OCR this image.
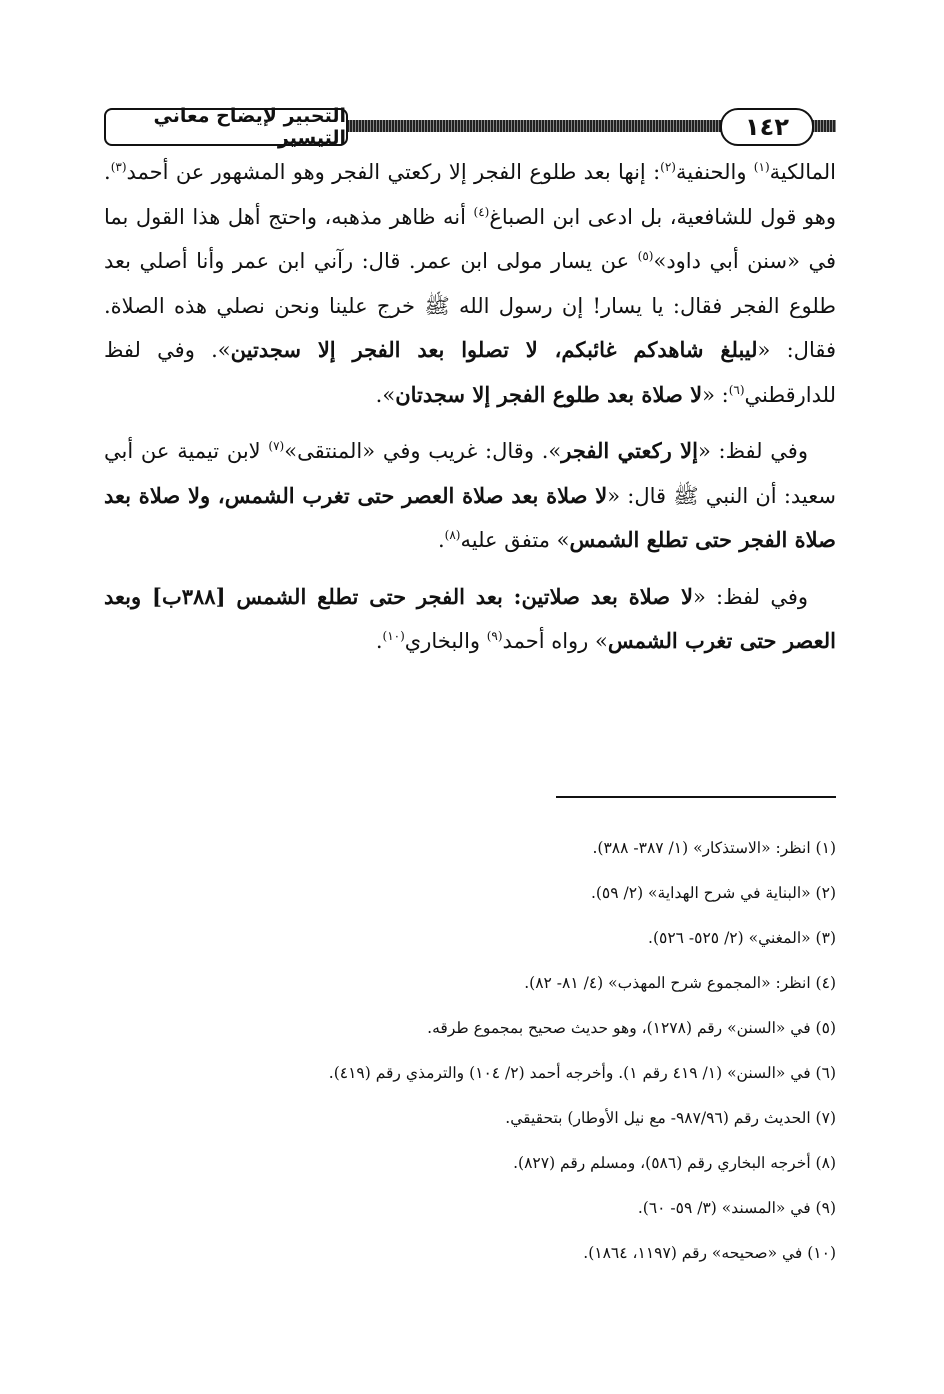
التحبير لإيضاح معاني التيسير	١٤٢

المالكية$^{(١)}$ والحنفية$^{(٢)}$: إنها بعد طلوع الفجر إلا ركعتي الفجر وهو المشهور عن أحمد$^{(٣)}$. وهو قول للشافعية، بل ادعى ابن الصباغ$^{(٤)}$ أنه ظاهر مذهبه، واحتج أهل هذا القول بما في «سنن أبي داود»$^{(٥)}$ عن يسار مولى ابن عمر. قال: رآني ابن عمر وأنا أصلي بعد طلوع الفجر فقال: يا يسار! إن رسول الله ﷺ خرج علينا ونحن نصلي هذه الصلاة. فقال: «ليبلغ شاهدكم غائبكم، لا تصلوا بعد الفجر إلا سجدتين». وفي لفظ للدارقطني$^{(٦)}$: «لا صلاة بعد طلوع الفجر إلا سجدتان».

وفي لفظ: «إلا ركعتي الفجر». وقال: غريب وفي «المنتقى»$^{(٧)}$ لابن تيمية عن أبي سعيد: أن النبي ﷺ قال: «لا صلاة بعد صلاة العصر حتى تغرب الشمس، ولا صلاة بعد صلاة الفجر حتى تطلع الشمس» متفق عليه$^{(٨)}$.

وفي لفظ: «لا صلاة بعد صلاتين: بعد الفجر حتى تطلع الشمس [٣٨٨ب] وبعد العصر حتى تغرب الشمس» رواه أحمد$^{(٩)}$ والبخاري$^{(١٠)}$.

(١) انظر: «الاستذكار» (١/ ٣٨٧- ٣٨٨).
(٢) «البناية في شرح الهداية» (٢/ ٥٩).
(٣) «المغني» (٢/ ٥٢٥- ٥٢٦).
(٤) انظر: «المجموع شرح المهذب» (٤/ ٨١- ٨٢).
(٥) في «السنن» رقم (١٢٧٨)، وهو حديث صحيح بمجموع طرقه.
(٦) في «السنن» (١/ ٤١٩ رقم ١). وأخرجه أحمد (٢/ ١٠٤) والترمذي رقم (٤١٩).
(٧) الحديث رقم (٩٨٧/٩٦- مع نيل الأوطار) بتحقيقي.
(٨) أخرجه البخاري رقم (٥٨٦)، ومسلم رقم (٨٢٧).
(٩) في «المسند» (٣/ ٥٩- ٦٠).
(١٠) في «صحيحه» رقم (١١٩٧، ١٨٦٤).
